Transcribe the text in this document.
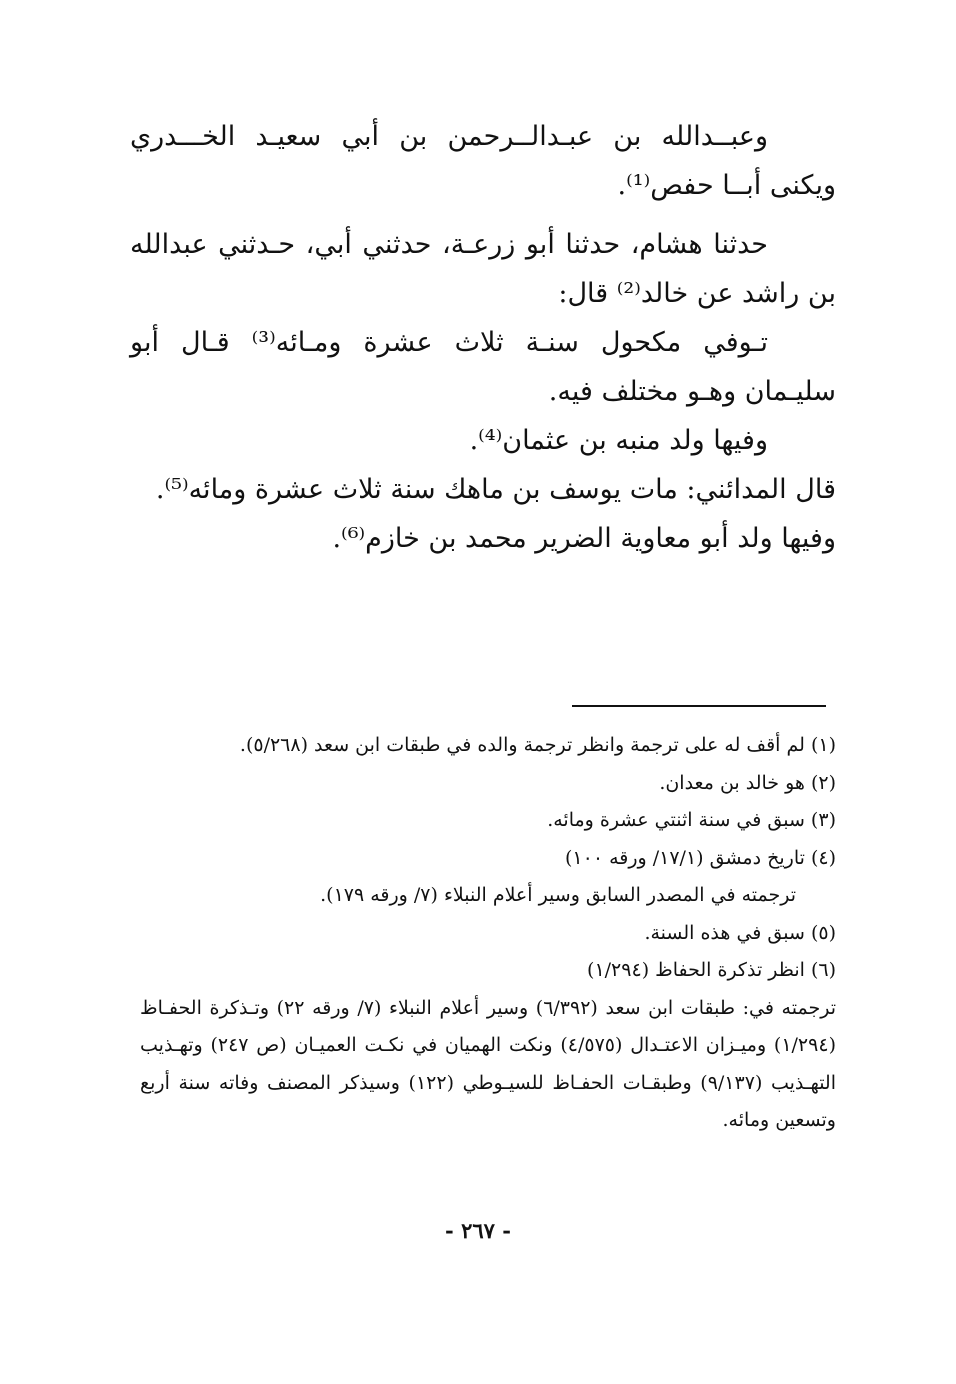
وعبــدالله بن عبـدالــرحمن بن أبي سعيـد الخـــدري ويكنى أبــا حفص⁽¹⁾.

حدثنا هشام، حدثنا أبو زرعـة، حدثني أبي، حـدثني عبدالله بن راشد عن خالد⁽²⁾ قال:

تـوفي مكحول سنـة ثلاث عشرة ومـائه⁽³⁾ قـال أبو سليـمان وهـو مختلف فيه.

وفيها ولد منبه بن عثمان⁽⁴⁾.

قال المدائني: مات يوسف بن ماهك سنة ثلاث عشرة ومائه⁽⁵⁾.

وفيها ولد أبو معاوية الضرير محمد بن خازم⁽⁶⁾.

(١) لم أقف له على ترجمة وانظر ترجمة والده في طبقات ابن سعد (٥/٢٦٨).

(٢) هو خالد بن معدان.

(٣) سبق في سنة اثنتي عشرة ومائه.

(٤) تاريخ دمشق (١٧/١/ ورقه ١٠٠)

ترجمته في المصدر السابق وسير أعلام النبلاء (٧/ ورقه ١٧٩).

(٥) سبق في هذه السنة.

(٦) انظر تذكرة الحفاظ (١/٢٩٤)

ترجمته في: طبقات ابن سعد (٦/٣٩٢) وسير أعلام النبلاء (٧/ ورقه ٢٢) وتـذكرة الحفـاظ (١/٢٩٤) وميـزان الاعتـدال (٤/٥٧٥) ونكت الهميان في نكـت العميـان (ص ٢٤٧) وتهـذيب التهـذيب (٩/١٣٧) وطبقـات الحفـاظ للسيـوطي (١٢٢) وسيذكر المصنف وفاته سنة أربع وتسعين ومائه.

- ٢٦٧ -
